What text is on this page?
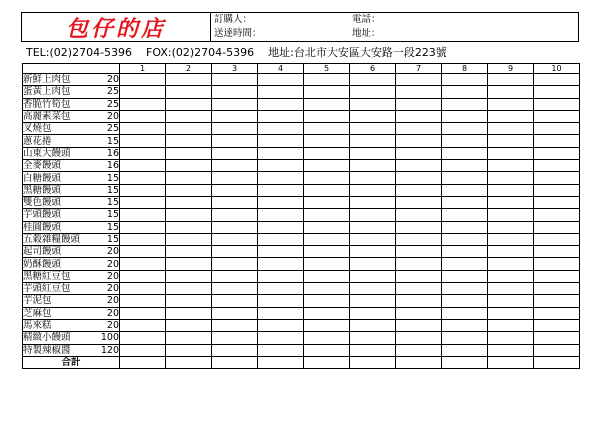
包仔的店	訂購人：	電話：
送達時間：	地址：
TEL:(02)2704-5396 FOX:(02)2704-5396 地址:台北市大安區大安路一段223號
		1	2	3	4	5	6	7	8	9	10
新鮮上肉包	20										
蛋黃上肉包	25										
香脆竹筍包	25										
高麗素菜包	20										
叉燒包	25										
蔥花捲	15										
山東大饅頭	16										
全麥饅頭	16										
白糖饅頭	15										
黑糖饅頭	15										
雙色饅頭	15										
芋頭饅頭	15										
桂圓饅頭	15										
五穀雜糧饅頭	15										
起司饅頭	20										
奶酥饅頭	20										
黑糖紅豆包	20										
芋頭紅豆包	20										
芋泥包	20										
芝麻包	20										
馬來糕	20										
精緻小饅頭	100										
特製辣椒醬	120										
合計											
